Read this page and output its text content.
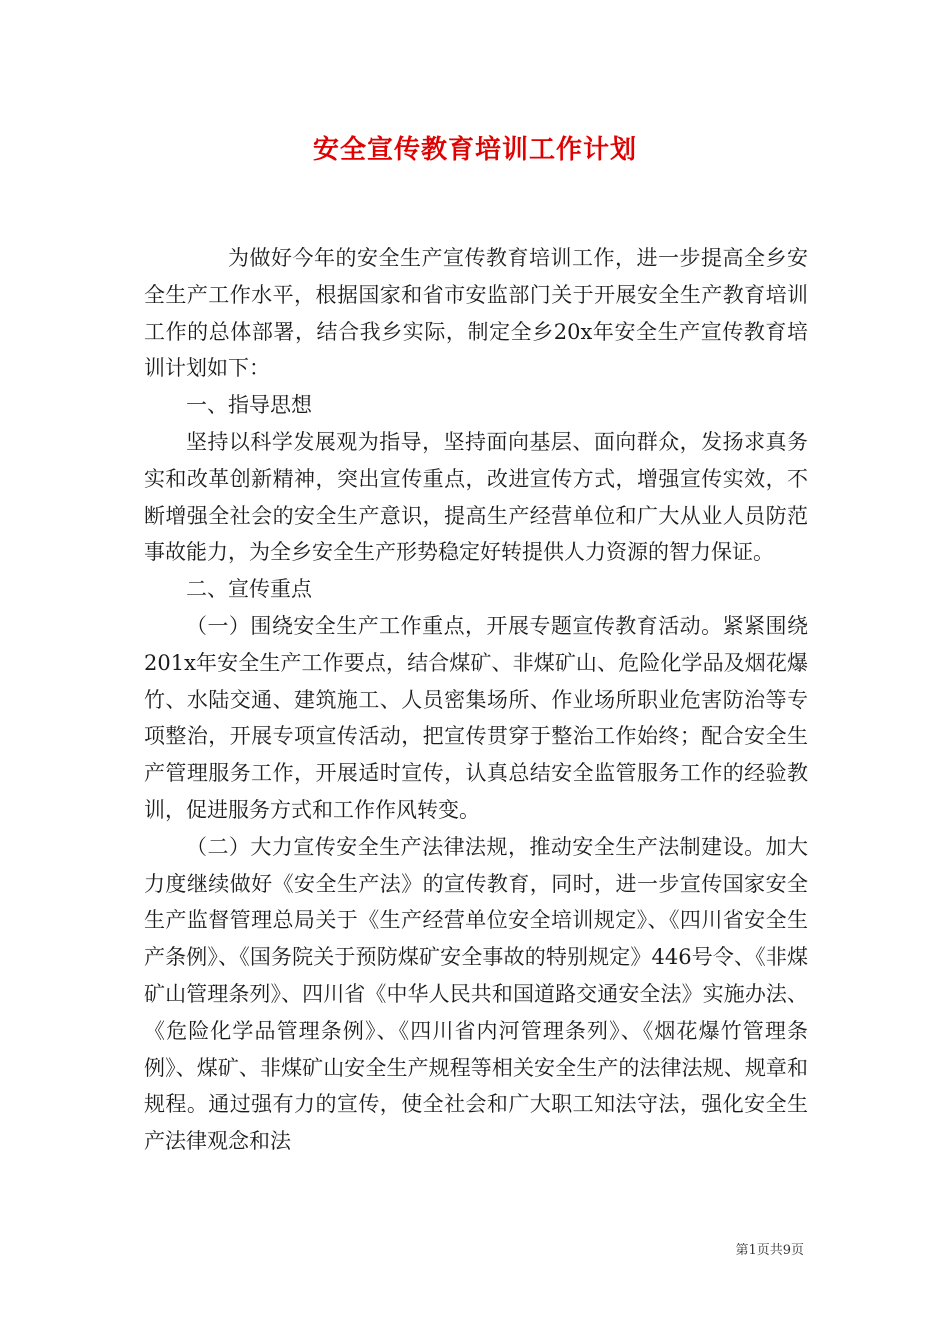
安全宣传教育培训工作计划

为做好今年的安全生产宣传教育培训工作，进一步提高全乡安全生产工作水平，根据国家和省市安监部门关于开展安全生产教育培训工作的总体部署，结合我乡实际，制定全乡20x年安全生产宣传教育培训计划如下：

一、指导思想

坚持以科学发展观为指导，坚持面向基层、面向群众，发扬求真务实和改革创新精神，突出宣传重点，改进宣传方式，增强宣传实效，不断增强全社会的安全生产意识，提高生产经营单位和广大从业人员防范事故能力，为全乡安全生产形势稳定好转提供人力资源的智力保证。

二、宣传重点

（一）围绕安全生产工作重点，开展专题宣传教育活动。紧紧围绕201x年安全生产工作要点，结合煤矿、非煤矿山、危险化学品及烟花爆竹、水陆交通、建筑施工、人员密集场所、作业场所职业危害防治等专项整治，开展专项宣传活动，把宣传贯穿于整治工作始终；配合安全生产管理服务工作，开展适时宣传，认真总结安全监管服务工作的经验教训，促进服务方式和工作作风转变。

（二）大力宣传安全生产法律法规，推动安全生产法制建设。加大力度继续做好《安全生产法》的宣传教育，同时，进一步宣传国家安全生产监督管理总局关于《生产经营单位安全培训规定》、《四川省安全生产条例》、《国务院关于预防煤矿安全事故的特别规定》446号令、《非煤矿山管理条列》、四川省《中华人民共和国道路交通安全法》实施办法、《危险化学品管理条例》、《四川省内河管理条列》、《烟花爆竹管理条例》、煤矿、非煤矿山安全生产规程等相关安全生产的法律法规、规章和规程。通过强有力的宣传，使全社会和广大职工知法守法，强化安全生产法律观念和法

第1页共9页
